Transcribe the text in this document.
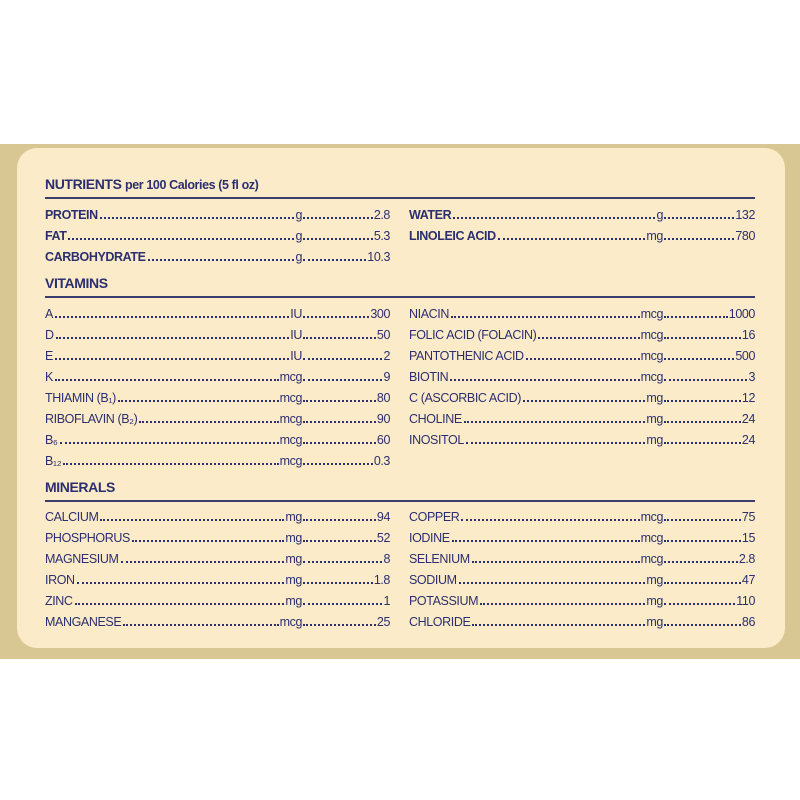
NUTRIENTS per 100 Calories (5 fl oz)
PROTEIN	g	2.8
FAT	g	5.3
CARBOHYDRATE	g	10.3
WATER	g	132
LINOLEIC ACID	mg	780
VITAMINS
A	IU	300
D	IU	50
E	IU	2
K	mcg	9
THIAMIN (B₁)	mcg	80
RIBOFLAVIN (B₂)	mcg	90
B₆	mcg	60
B₁₂	mcg	0.3
NIACIN	mcg	1000
FOLIC ACID (FOLACIN)	mcg	16
PANTOTHENIC ACID	mcg	500
BIOTIN	mcg	3
C (ASCORBIC ACID)	mg	12
CHOLINE	mg	24
INOSITOL	mg	24
MINERALS
CALCIUM	mg	94
PHOSPHORUS	mg	52
MAGNESIUM	mg	8
IRON	mg	1.8
ZINC	mg	1
MANGANESE	mcg	25
COPPER	mcg	75
IODINE	mcg	15
SELENIUM	mcg	2.8
SODIUM	mg	47
POTASSIUM	mg	110
CHLORIDE	mg	86
